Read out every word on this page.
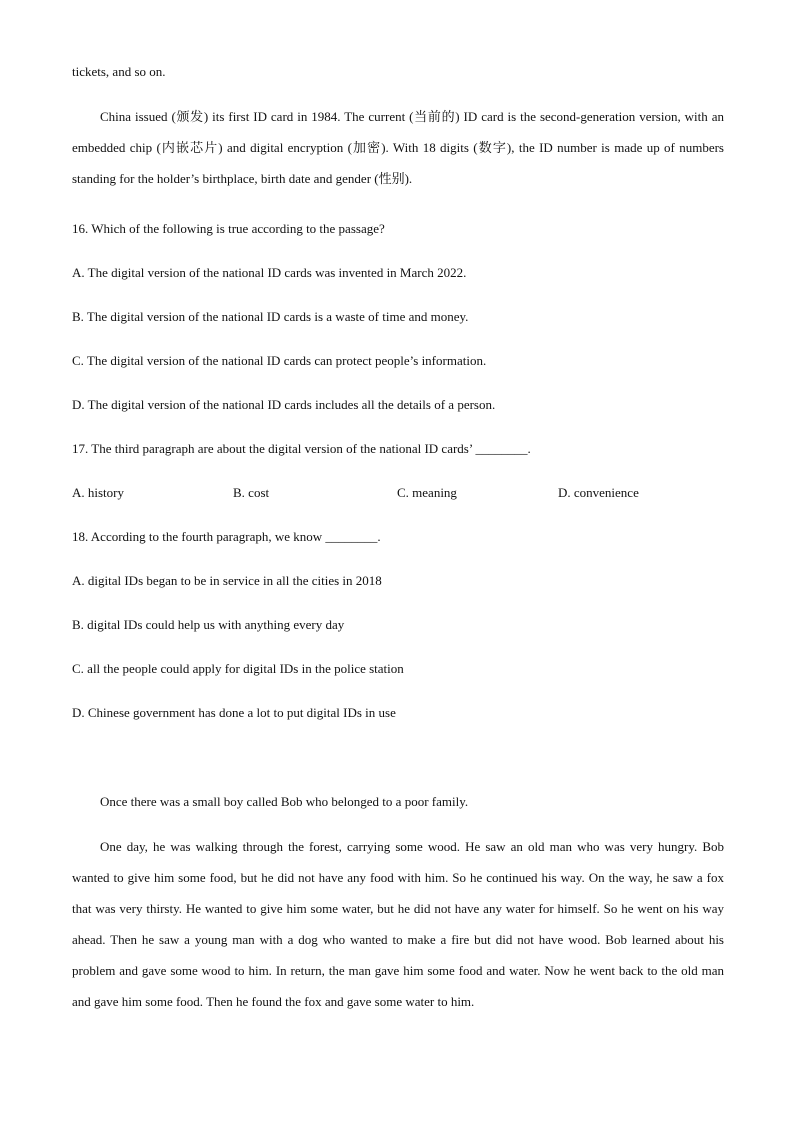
tickets, and so on.

China issued (颁发) its first ID card in 1984. The current (当前的) ID card is the second-generation version, with an embedded chip (内嵌芯片) and digital encryption (加密). With 18 digits (数字), the ID number is made up of numbers standing for the holder’s birthplace, birth date and gender (性别).

16. Which of the following is true according to the passage?

A. The digital version of the national ID cards was invented in March 2022.

B. The digital version of the national ID cards is a waste of time and money.

C. The digital version of the national ID cards can protect people’s information.

D. The digital version of the national ID cards includes all the details of a person.

17. The third paragraph are about the digital version of the national ID cards’ ________.

A. history	B. cost	C. meaning	D. convenience

18. According to the fourth paragraph, we know ________.

A. digital IDs began to be in service in all the cities in 2018

B. digital IDs could help us with anything every day

C. all the people could apply for digital IDs in the police station

D. Chinese government has done a lot to put digital IDs in use

Once there was a small boy called Bob who belonged to a poor family.

One day, he was walking through the forest, carrying some wood. He saw an old man who was very hungry. Bob wanted to give him some food, but he did not have any food with him. So he continued his way. On the way, he saw a fox that was very thirsty. He wanted to give him some water, but he did not have any water for himself. So he went on his way ahead. Then he saw a young man with a dog who wanted to make a fire but did not have wood. Bob learned about his problem and gave some wood to him. In return, the man gave him some food and water. Now he went back to the old man and gave him some food. Then he found the fox and gave some water to him.
